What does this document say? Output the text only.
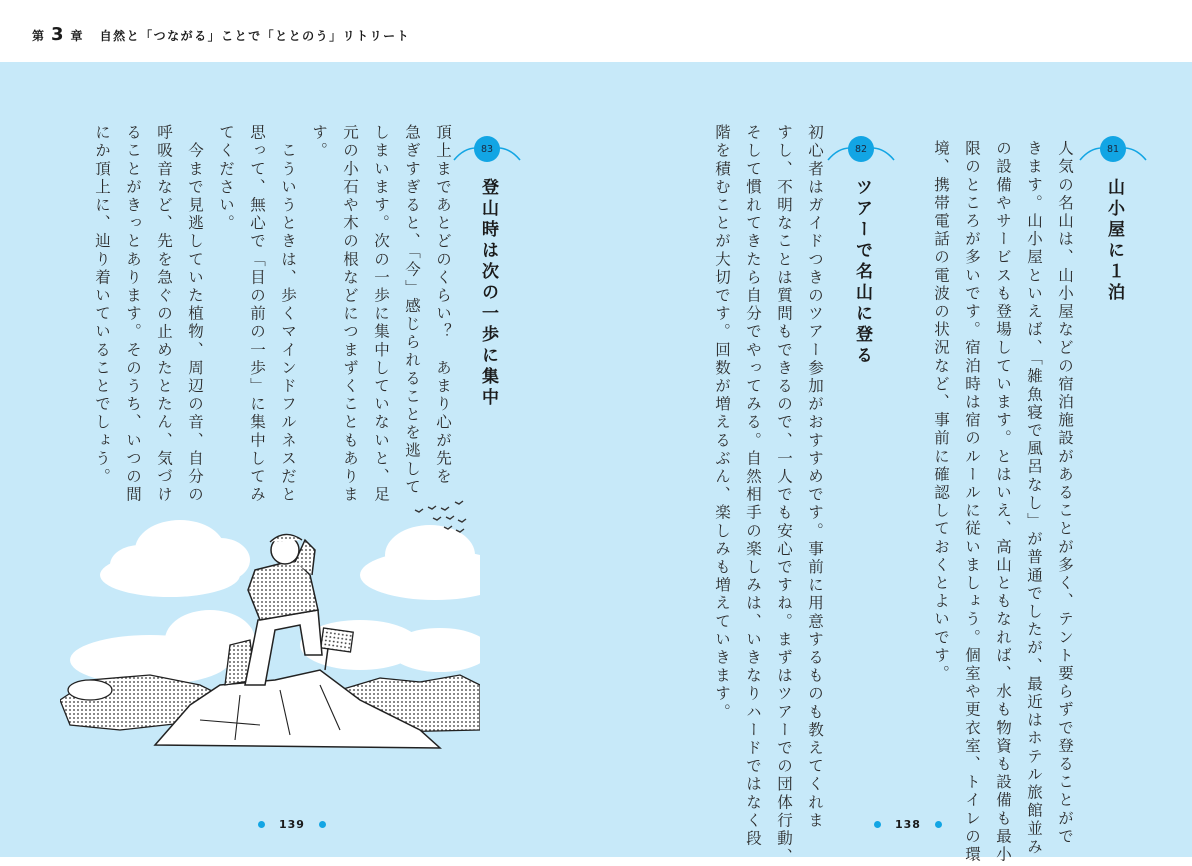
第 3 章 自然と「つながる」ことで「ととのう」リトリート
81
山小屋に１泊
人気の名山は、山小屋などの宿泊施設があることが多く、テント要らずで登ることがで
きます。山小屋といえば、「雑魚寝で風呂なし」が普通でしたが、最近はホテル旅館並み
の設備やサービスも登場しています。とはいえ、高山ともなれば、水も物資も設備も最小
限のところが多いです。宿泊時は宿のルールに従いましょう。個室や更衣室、トイレの環
境、携帯電話の電波の状況など、事前に確認しておくとよいです。
82
ツアーで名山に登る
初心者はガイドつきのツアー参加がおすすめです。事前に用意するものも教えてくれま
すし、不明なことは質問もできるので、一人でも安心ですね。まずはツアーでの団体行動、
そして慣れてきたら自分でやってみる。自然相手の楽しみは、いきなりハードではなく段
階を積むことが大切です。回数が増えるぶん、楽しみも増えていきます。
83
登山時は次の一歩に集中
頂上まであとどのくらい？　あまり心が先を
急ぎすぎると、「今」感じられることを逃して
しまいます。次の一歩に集中していないと、足
元の小石や木の根などにつまずくこともありま
す。
　こういうときは、歩くマインドフルネスだと
思って、無心で「目の前の一歩」に集中してみ
てください。
　今まで見逃していた植物、周辺の音、自分の
呼吸音など、先を急ぐの止めたとたん、気づけ
ることがきっとあります。そのうち、いつの間
にか頂上に、辿り着いていることでしょう。
139	138
